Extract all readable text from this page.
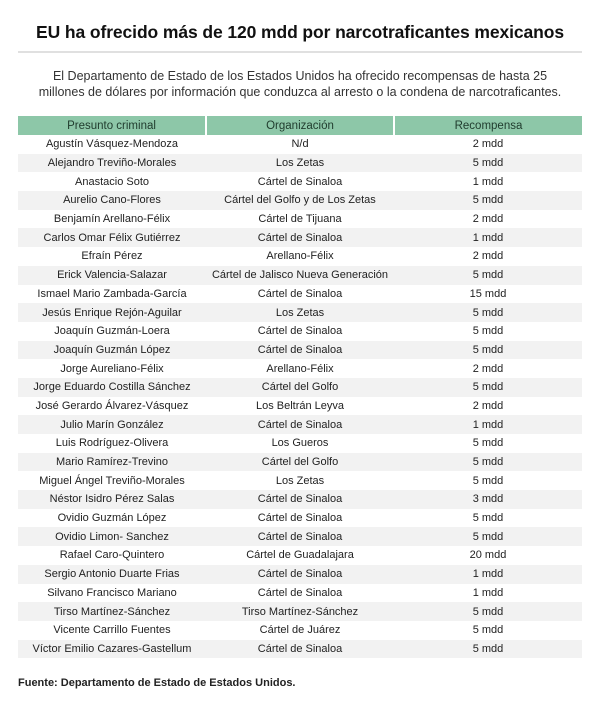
EU ha ofrecido más de 120 mdd por narcotraficantes mexicanos
El Departamento de Estado de los Estados Unidos ha ofrecido recompensas de hasta 25 millones de dólares por información que conduzca al arresto o la condena de narcotraficantes.
Presunto criminal	Organización	Recompensa
Agustín Vásquez-Mendoza	N/d	2 mdd
Alejandro Treviño-Morales	Los Zetas	5 mdd
Anastacio Soto	Cártel de Sinaloa	1 mdd
Aurelio Cano-Flores	Cártel del Golfo y de Los Zetas	5 mdd
Benjamín Arellano-Félix	Cártel de Tijuana	2 mdd
Carlos Omar Félix Gutiérrez	Cártel de Sinaloa	1 mdd
Efraín Pérez	Arellano-Félix	2 mdd
Erick Valencia-Salazar	Cártel de Jalisco Nueva Generación	5 mdd
Ismael Mario Zambada-García	Cártel de Sinaloa	15 mdd
Jesús Enrique Rejón-Aguilar	Los Zetas	5 mdd
Joaquín Guzmán-Loera	Cártel de Sinaloa	5 mdd
Joaquín Guzmán López	Cártel de Sinaloa	5 mdd
Jorge Aureliano-Félix	Arellano-Félix	2 mdd
Jorge Eduardo Costilla Sánchez	Cártel del Golfo	5 mdd
José Gerardo Álvarez-Vásquez	Los Beltrán Leyva	2 mdd
Julio Marín González	Cártel de Sinaloa	1 mdd
Luis Rodríguez-Olivera	Los Gueros	5 mdd
Mario Ramírez-Trevino	Cártel del Golfo	5 mdd
Miguel Ángel Treviño-Morales	Los Zetas	5 mdd
Néstor Isidro Pérez Salas	Cártel de Sinaloa	3 mdd
Ovidio Guzmán López	Cártel de Sinaloa	5 mdd
Ovidio Limon- Sanchez	Cártel de Sinaloa	5 mdd
Rafael Caro-Quintero	Cártel de Guadalajara	20 mdd
Sergio Antonio Duarte Frias	Cártel de Sinaloa	1 mdd
Silvano Francisco Mariano	Cártel de Sinaloa	1 mdd
Tirso Martínez-Sánchez	Tirso Martínez-Sánchez	5 mdd
Vicente Carrillo Fuentes	Cártel de Juárez	5 mdd
Víctor Emilio Cazares-Gastellum	Cártel de Sinaloa	5 mdd
Fuente: Departamento de Estado de Estados Unidos.
